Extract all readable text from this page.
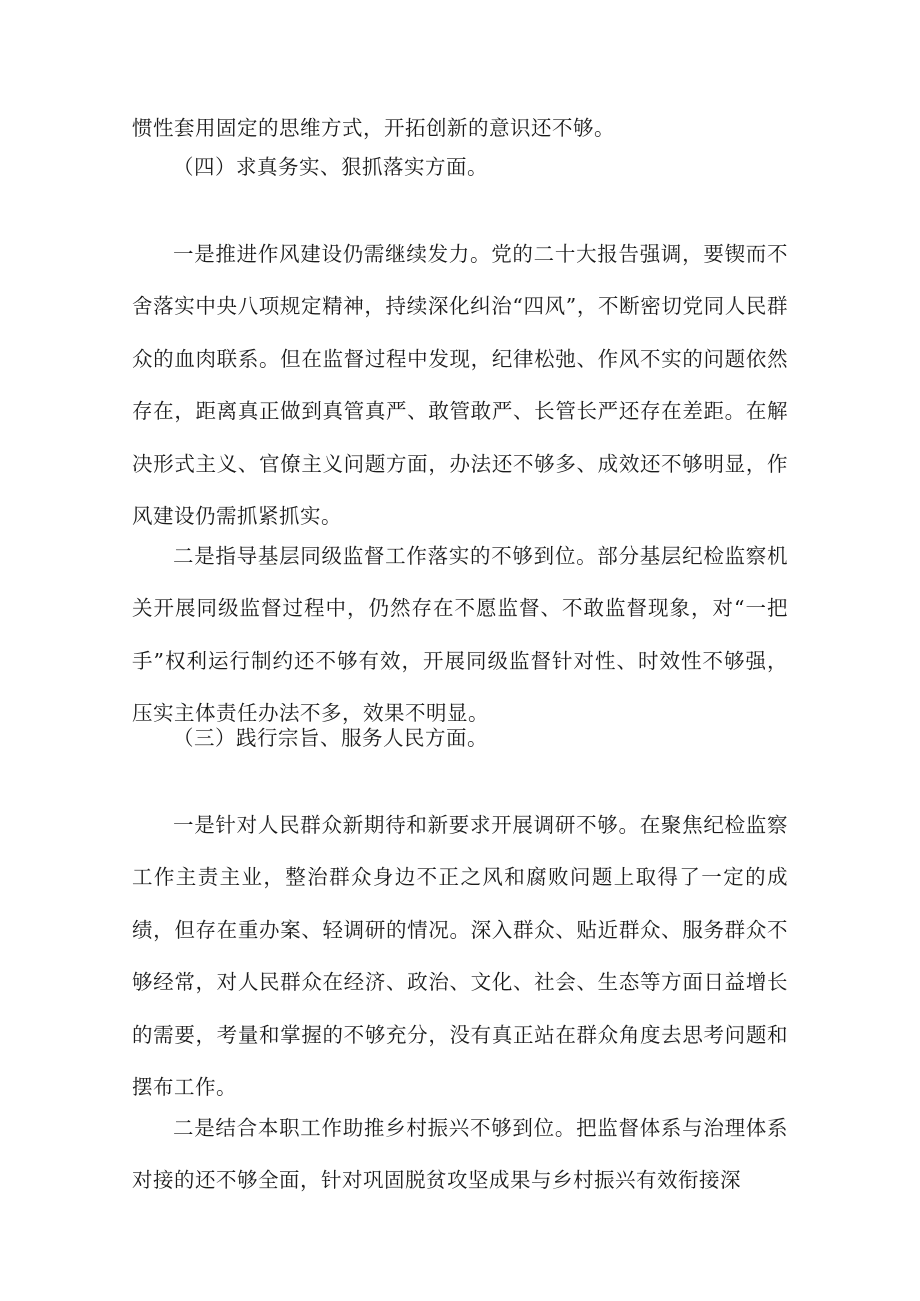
惯性套用固定的思维方式，开拓创新的意识还不够。

（四）求真务实、狠抓落实方面。

一是推进作风建设仍需继续发力。党的二十大报告强调，要锲而不舍落实中央八项规定精神，持续深化纠治“四风”，不断密切党同人民群众的血肉联系。但在监督过程中发现，纪律松弛、作风不实的问题依然存在，距离真正做到真管真严、敢管敢严、长管长严还存在差距。在解决形式主义、官僚主义问题方面，办法还不够多、成效还不够明显，作风建设仍需抓紧抓实。

二是指导基层同级监督工作落实的不够到位。部分基层纪检监察机关开展同级监督过程中，仍然存在不愿监督、不敢监督现象，对“一把手”权利运行制约还不够有效，开展同级监督针对性、时效性不够强，压实主体责任办法不多，效果不明显。

（三）践行宗旨、服务人民方面。

一是针对人民群众新期待和新要求开展调研不够。在聚焦纪检监察工作主责主业，整治群众身边不正之风和腐败问题上取得了一定的成绩，但存在重办案、轻调研的情况。深入群众、贴近群众、服务群众不够经常，对人民群众在经济、政治、文化、社会、生态等方面日益增长的需要，考量和掌握的不够充分，没有真正站在群众角度去思考问题和摆布工作。

二是结合本职工作助推乡村振兴不够到位。把监督体系与治理体系对接的还不够全面，针对巩固脱贫攻坚成果与乡村振兴有效衔接深
